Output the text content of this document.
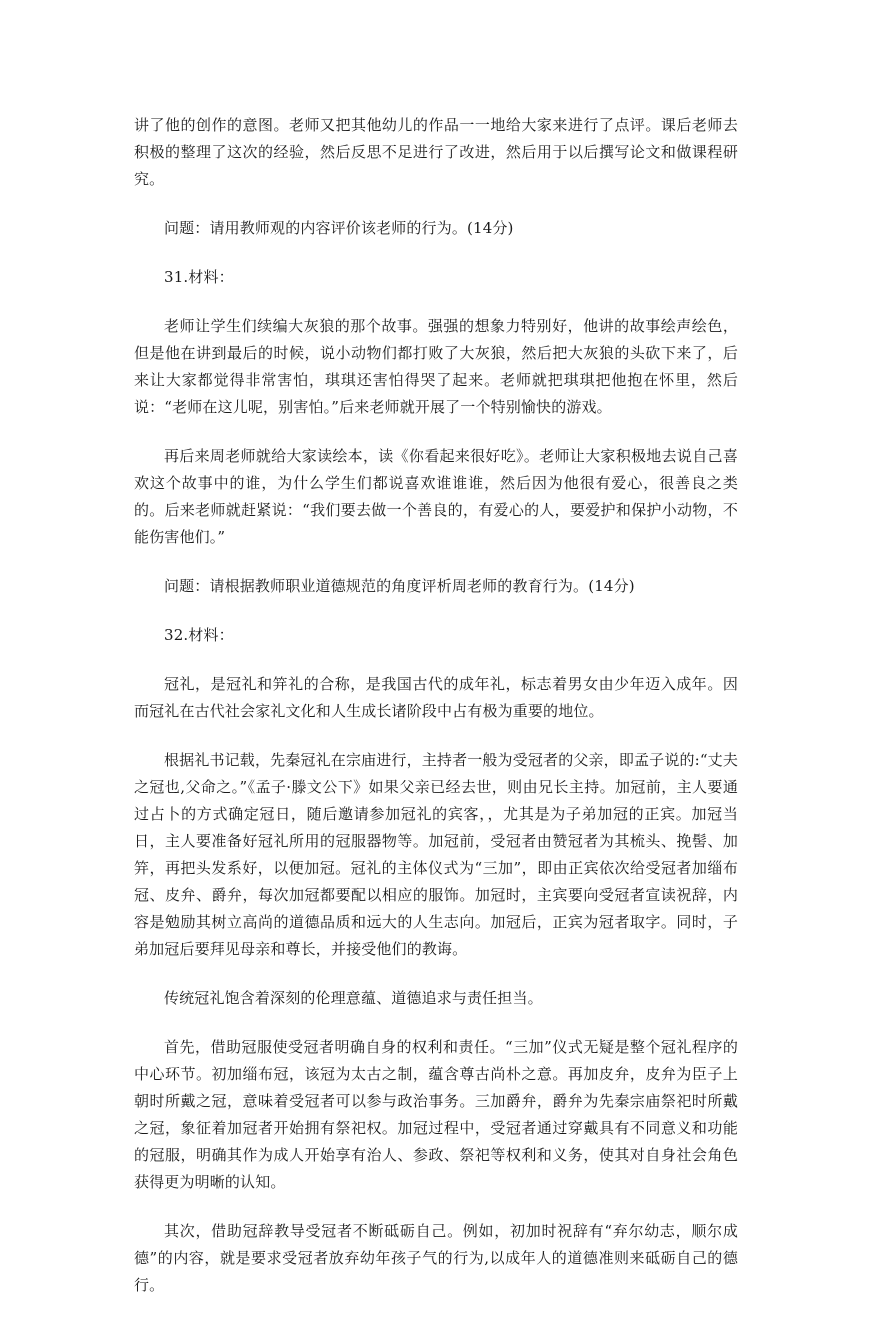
讲了他的创作的意图。老师又把其他幼儿的作品一一地给大家来进行了点评。课后老师去积极的整理了这次的经验，然后反思不足进行了改进，然后用于以后撰写论文和做课程研究。

问题：请用教师观的内容评价该老师的行为。(14分)

31.材料：

老师让学生们续编大灰狼的那个故事。强强的想象力特别好，他讲的故事绘声绘色，但是他在讲到最后的时候，说小动物们都打败了大灰狼，然后把大灰狼的头砍下来了，后来让大家都觉得非常害怕，琪琪还害怕得哭了起来。老师就把琪琪把他抱在怀里，然后说：“老师在这儿呢，别害怕。”后来老师就开展了一个特别愉快的游戏。

再后来周老师就给大家读绘本，读《你看起来很好吃》。老师让大家积极地去说自己喜欢这个故事中的谁，为什么学生们都说喜欢谁谁谁，然后因为他很有爱心，很善良之类的。后来老师就赶紧说：“我们要去做一个善良的，有爱心的人，要爱护和保护小动物，不能伤害他们。”

问题：请根据教师职业道德规范的角度评析周老师的教育行为。(14分)

32.材料：

冠礼，是冠礼和笄礼的合称，是我国古代的成年礼，标志着男女由少年迈入成年。因而冠礼在古代社会家礼文化和人生成长诸阶段中占有极为重要的地位。

根据礼书记载，先秦冠礼在宗庙进行，主持者一般为受冠者的父亲，即孟子说的:“丈夫之冠也,父命之。”《孟子·滕文公下》如果父亲已经去世，则由兄长主持。加冠前，主人要通过占卜的方式确定冠日，随后邀请参加冠礼的宾客，，尤其是为子弟加冠的正宾。加冠当日，主人要准备好冠礼所用的冠服器物等。加冠前，受冠者由赞冠者为其梳头、挽髻、加笄，再把头发系好，以便加冠。冠礼的主体仪式为“三加”，即由正宾依次给受冠者加缁布冠、皮弁、爵弁，每次加冠都要配以相应的服饰。加冠时，主宾要向受冠者宣读祝辞，内容是勉励其树立高尚的道德品质和远大的人生志向。加冠后，正宾为冠者取字。同时，子弟加冠后要拜见母亲和尊长，并接受他们的教诲。

传统冠礼饱含着深刻的伦理意蕴、道德追求与责任担当。

首先，借助冠服使受冠者明确自身的权利和责任。“三加”仪式无疑是整个冠礼程序的中心环节。初加缁布冠，该冠为太古之制，蕴含尊古尚朴之意。再加皮弁，皮弁为臣子上朝时所戴之冠，意味着受冠者可以参与政治事务。三加爵弁，爵弁为先秦宗庙祭祀时所戴之冠，象征着加冠者开始拥有祭祀权。加冠过程中，受冠者通过穿戴具有不同意义和功能的冠服，明确其作为成人开始享有治人、参政、祭祀等权利和义务，使其对自身社会角色获得更为明晰的认知。

其次，借助冠辞教导受冠者不断砥砺自己。例如，初加时祝辞有“弃尔幼志，顺尔成德”的内容，就是要求受冠者放弃幼年孩子气的行为,以成年人的道德准则来砥砺自己的德行。
